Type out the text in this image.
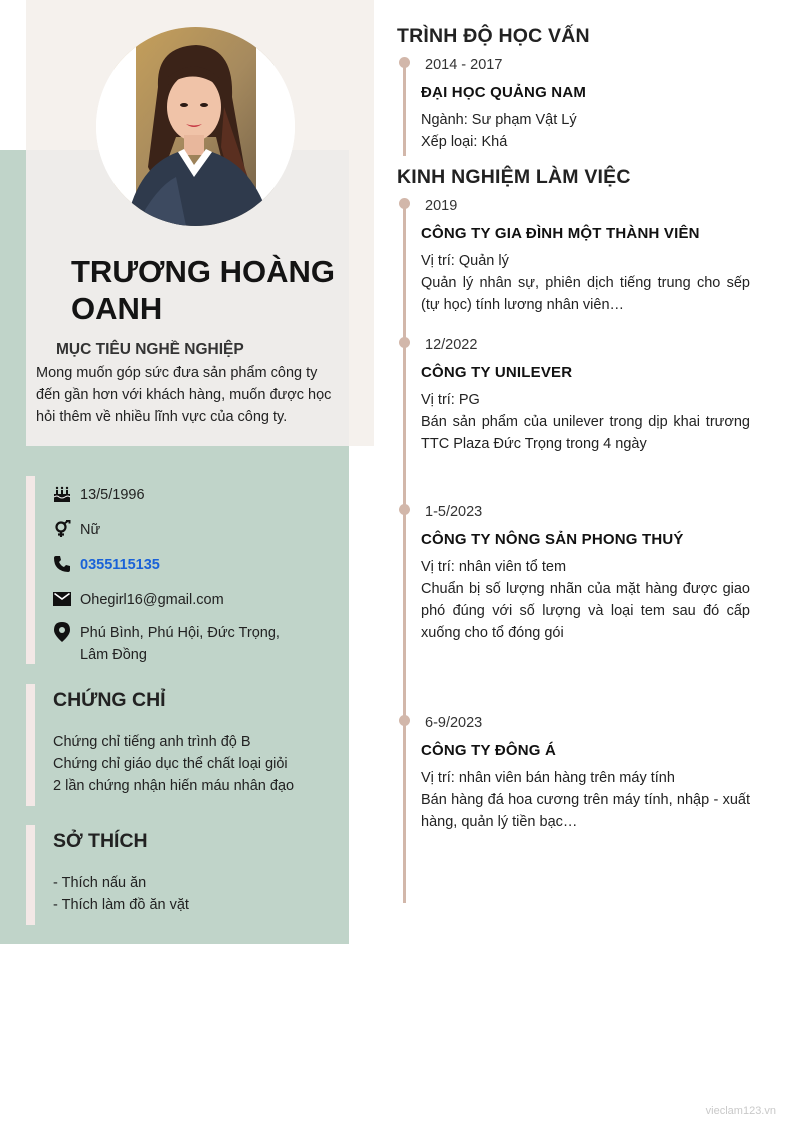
TRƯƠNG HOÀNG OANH
MỤC TIÊU NGHỀ NGHIỆP

Mong muốn góp sức đưa sản phẩm công ty đến gần hơn với khách hàng, muốn được học hỏi thêm về nhiều lĩnh vực của công ty.

13/5/1996
Nữ
0355115135
Ohegirl16@gmail.com
Phú Bình, Phú Hội, Đức Trọng,
Lâm Đồng
CHỨNG CHỈ
Chứng chỉ tiếng anh trình độ B
Chứng chỉ giáo dục thể chất loại giỏi
2 lần chứng nhận hiến máu nhân đạo
SỞ THÍCH
- Thích nấu ăn
- Thích làm đồ ăn vặt
TRÌNH ĐỘ HỌC VẤN
2014 - 2017
ĐẠI HỌC QUẢNG NAM

Ngành: Sư phạm Vật Lý

Xếp loại: Khá

KINH NGHIỆM LÀM VIỆC
2019
CÔNG TY GIA ĐÌNH MỘT THÀNH VIÊN

Vị trí: Quản lý

Quản lý nhân sự, phiên dịch tiếng trung cho sếp (tự học) tính lương nhân viên…

12/2022
CÔNG TY UNILEVER

Vị trí: PG

Bán sản phẩm của unilever trong dịp khai trương TTC Plaza Đức Trọng trong 4 ngày

1-5/2023
CÔNG TY NÔNG SẢN PHONG THUÝ

Vị trí: nhân viên tổ tem

Chuẩn bị số lượng nhãn của mặt hàng được giao phó đúng với số lượng và loại tem sau đó cấp xuống cho tổ đóng gói

6-9/2023
CÔNG TY ĐÔNG Á

Vị trí: nhân viên bán hàng trên máy tính

Bán hàng đá hoa cương trên máy tính, nhập - xuất hàng, quản lý tiền bạc…

vieclam123.vn
